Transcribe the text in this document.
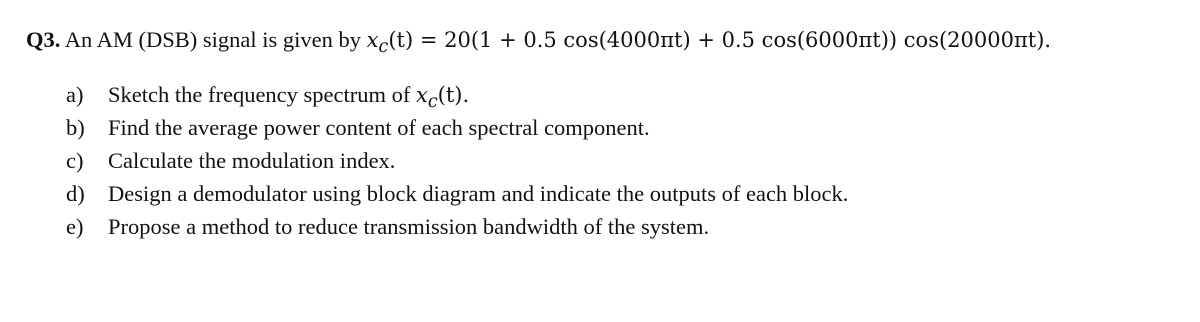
Q3. An AM (DSB) signal is given by $x_c(t) = 20(1 + 0.5$ cos(4000πt) + 0.5 cos(6000πt)) cos(20000πt).
a)	Sketch the frequency spectrum of $x_c(t)$.
b)	Find the average power content of each spectral component.
c)	Calculate the modulation index.
d)	Design a demodulator using block diagram and indicate the outputs of each block.
e)	Propose a method to reduce transmission bandwidth of the system.
